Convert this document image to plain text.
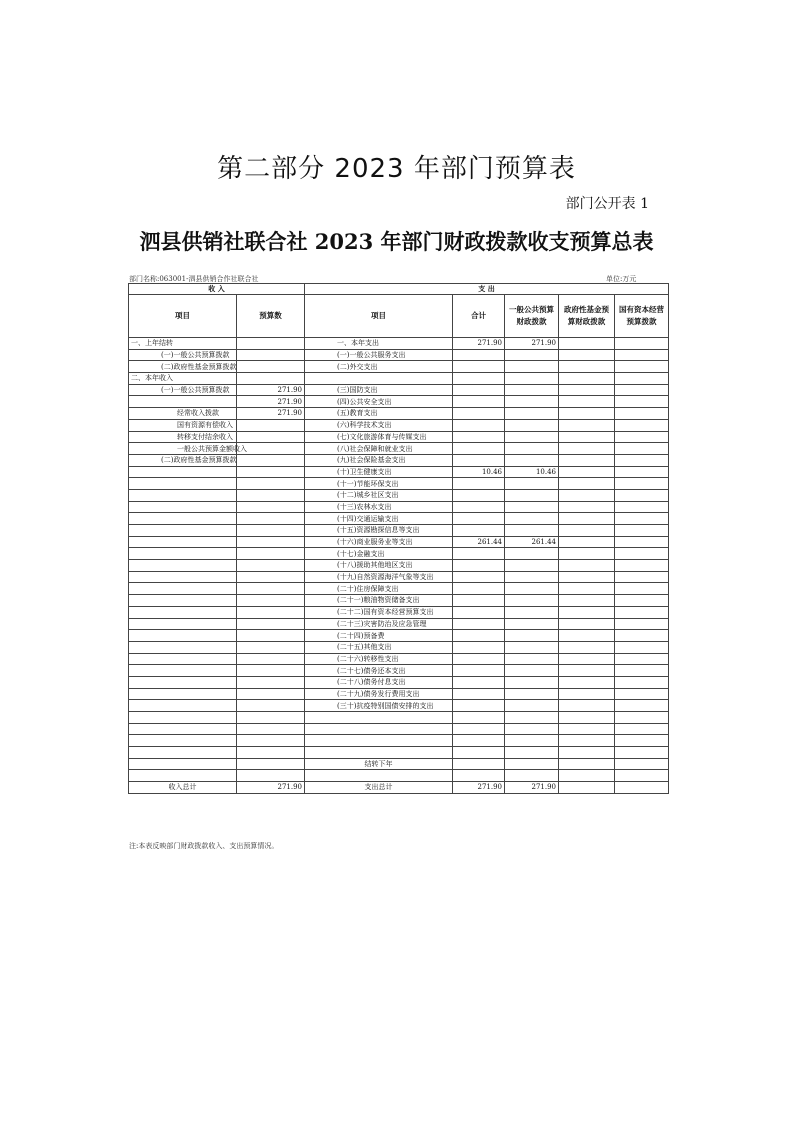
第二部分 2023 年部门预算表
部门公开表 1
泗县供销社联合社 2023 年部门财政拨款收支预算总表
部门名称:063001-泗县供销合作社联合社	单位:万元
收 入		支 出				
项目	预算数	项目	合计	一般公共预算财政拨款	政府性基金预算财政拨款	国有资本经营预算拨款
一、上年结转		一、本年支出	271.90	271.90		
(一)一般公共预算拨款		(一)一般公共服务支出				
(二)政府性基金预算拨款		(二)外交支出				
二、本年收入						
(一)一般公共预算拨款	271.90	(三)国防支出				
	271.90	(四)公共安全支出				
经常收入拨款	271.90	(五)教育支出				
国有资源有偿收入		(六)科学技术支出				
转移支付结余收入		(七)文化旅游体育与传媒支出				
一般公共预算金额收入		(八)社会保障和就业支出				
(二)政府性基金预算拨款		(九)社会保险基金支出				
		(十)卫生健康支出	10.46	10.46		
		(十一)节能环保支出				
		(十二)城乡社区支出				
		(十三)农林水支出				
		(十四)交通运输支出				
		(十五)资源勘探信息等支出				
		(十六)商业服务业等支出	261.44	261.44		
		(十七)金融支出				
		(十八)援助其他地区支出				
		(十九)自然资源海洋气象等支出				
		(二十)住房保障支出				
		(二十一)粮油物资储备支出				
		(二十二)国有资本经营预算支出				
		(二十三)灾害防治及应急管理				
		(二十四)预备费				
		(二十五)其他支出				
		(二十六)转移性支出				
		(二十七)债务还本支出				
		(二十八)债务付息支出				
		(二十九)债务发行费用支出				
		(三十)抗疫特别国债安排的支出				

		结转下年				

收入总计	271.90	支出总计	271.90	271.90		
注:本表反映部门财政拨款收入、支出预算情况。
